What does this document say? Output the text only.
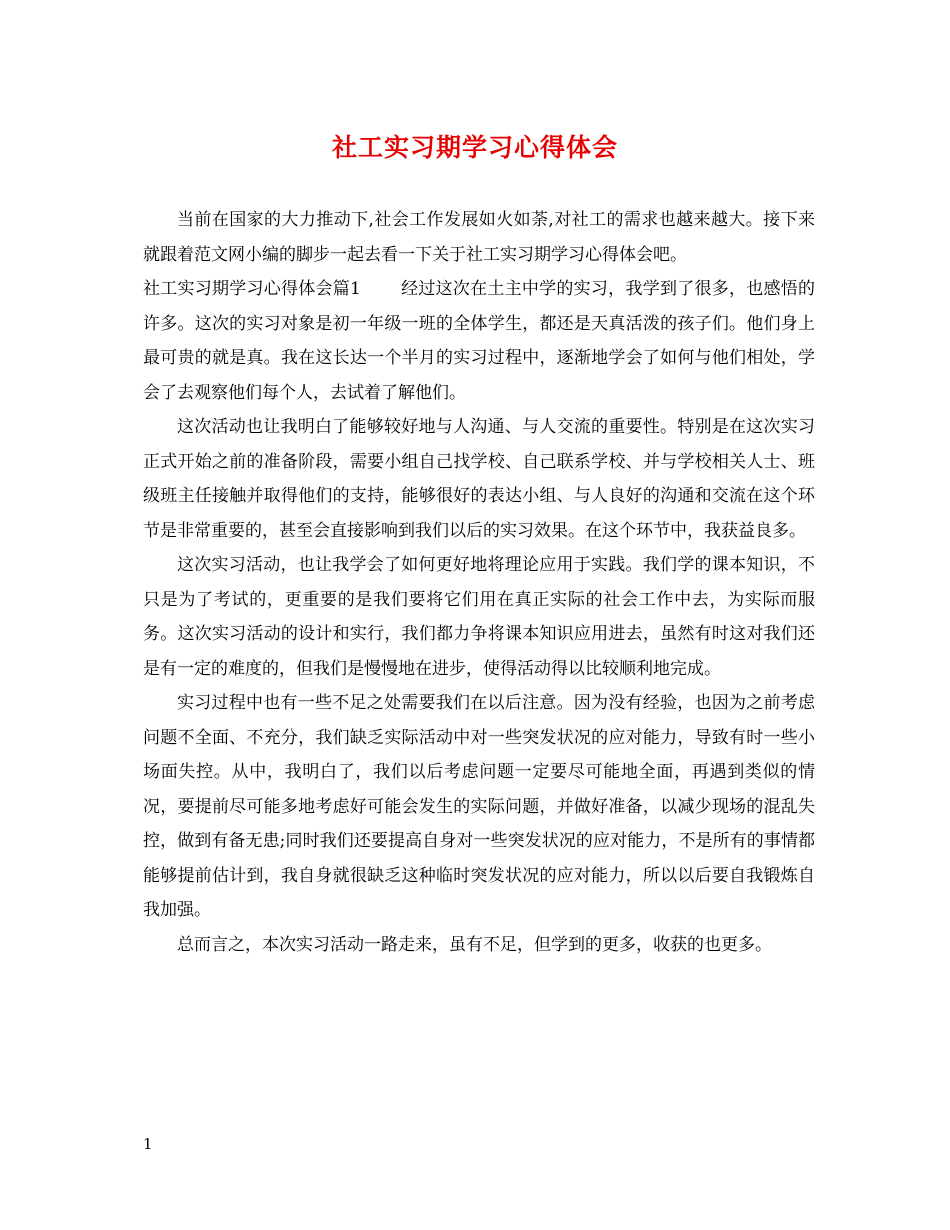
社工实习期学习心得体会

当前在国家的大力推动下,社会工作发展如火如荼,对社工的需求也越来越大。接下来就跟着范文网小编的脚步一起去看一下关于社工实习期学习心得体会吧。

社工实习期学习心得体会篇1 经过这次在土主中学的实习，我学到了很多，也感悟的许多。这次的实习对象是初一年级一班的全体学生，都还是天真活泼的孩子们。他们身上最可贵的就是真。我在这长达一个半月的实习过程中，逐渐地学会了如何与他们相处，学会了去观察他们每个人，去试着了解他们。

这次活动也让我明白了能够较好地与人沟通、与人交流的重要性。特别是在这次实习正式开始之前的准备阶段，需要小组自己找学校、自己联系学校、并与学校相关人士、班级班主任接触并取得他们的支持，能够很好的表达小组、与人良好的沟通和交流在这个环节是非常重要的，甚至会直接影响到我们以后的实习效果。在这个环节中，我获益良多。

这次实习活动，也让我学会了如何更好地将理论应用于实践。我们学的课本知识，不只是为了考试的，更重要的是我们要将它们用在真正实际的社会工作中去，为实际而服务。这次实习活动的设计和实行，我们都力争将课本知识应用进去，虽然有时这对我们还是有一定的难度的，但我们是慢慢地在进步，使得活动得以比较顺利地完成。

实习过程中也有一些不足之处需要我们在以后注意。因为没有经验，也因为之前考虑问题不全面、不充分，我们缺乏实际活动中对一些突发状况的应对能力，导致有时一些小场面失控。从中，我明白了，我们以后考虑问题一定要尽可能地全面，再遇到类似的情况，要提前尽可能多地考虑好可能会发生的实际问题，并做好准备，以减少现场的混乱失控，做到有备无患;同时我们还要提高自身对一些突发状况的应对能力，不是所有的事情都能够提前估计到，我自身就很缺乏这种临时突发状况的应对能力，所以以后要自我锻炼自我加强。

总而言之，本次实习活动一路走来，虽有不足，但学到的更多，收获的也更多。

1
